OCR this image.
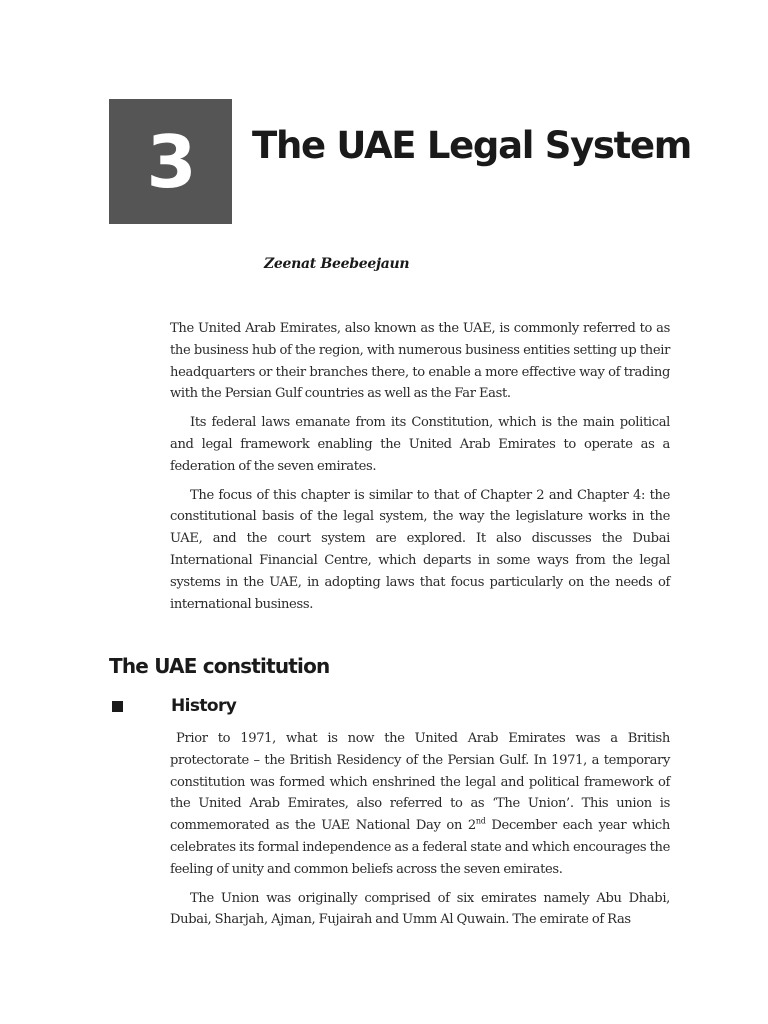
3 The UAE Legal System

Zeenat Beebeejaun

The United Arab Emirates, also known as the UAE, is commonly referred to as the business hub of the region, with numerous business entities setting up their headquarters or their branches there, to enable a more effective way of trading with the Persian Gulf countries as well as the Far East.

Its federal laws emanate from its Constitution, which is the main political and legal framework enabling the United Arab Emirates to operate as a federation of the seven emirates.

The focus of this chapter is similar to that of Chapter 2 and Chapter 4: the constitutional basis of the legal system, the way the legislature works in the UAE, and the court system are explored. It also discusses the Dubai International Financial Centre, which departs in some ways from the legal systems in the UAE, in adopting laws that focus particularly on the needs of international business.

The UAE constitution
History

Prior to 1971, what is now the United Arab Emirates was a British protectorate – the British Residency of the Persian Gulf. In 1971, a temporary constitution was formed which enshrined the legal and political framework of the United Arab Emirates, also referred to as ‘The Union’. This union is commemorated as the UAE National Day on 2nd December each year which celebrates its formal independence as a federal state and which encourages the feeling of unity and common beliefs across the seven emirates.

The Union was originally comprised of six emirates namely Abu Dhabi, Dubai, Sharjah, Ajman, Fujairah and Umm Al Quwain. The emirate of Ras
